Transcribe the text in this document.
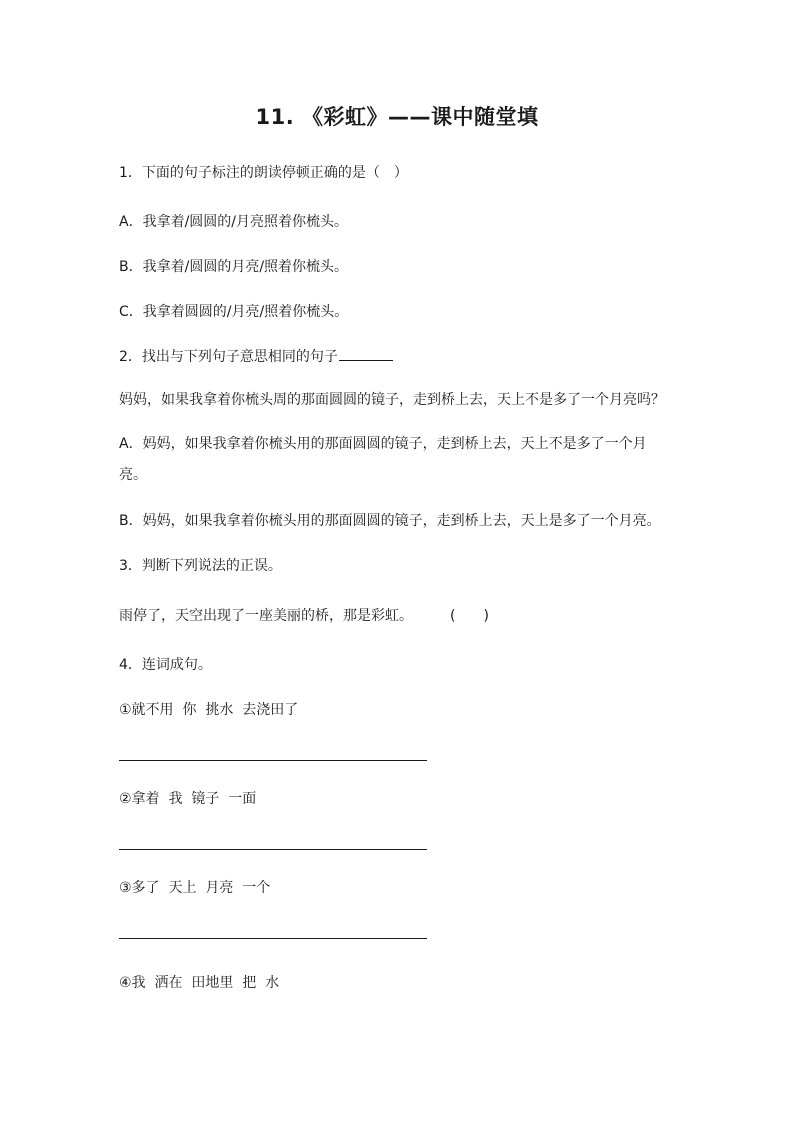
11. 《彩虹》——课中随堂填
1．下面的句子标注的朗读停顿正确的是（　）
A．我拿着/圆圆的/月亮照着你梳头。
B．我拿着/圆圆的月亮/照着你梳头。
C．我拿着圆圆的/月亮/照着你梳头。
2．找出与下列句子意思相同的句子
妈妈，如果我拿着你梳头周的那面圆圆的镜子，走到桥上去，天上不是多了一个月亮吗？
A．妈妈，如果我拿着你梳头用的那面圆圆的镜子，走到桥上去，天上不是多了一个月
亮。
B．妈妈，如果我拿着你梳头用的那面圆圆的镜子，走到桥上去，天上是多了一个月亮。
3．判断下列说法的正误。
雨停了，天空出现了一座美丽的桥，那是彩虹。	(　　)
4．连词成句。
①就不用  你  挑水  去浇田了
②拿着  我  镜子  一面
③多了  天上  月亮  一个
④我  洒在  田地里  把  水
